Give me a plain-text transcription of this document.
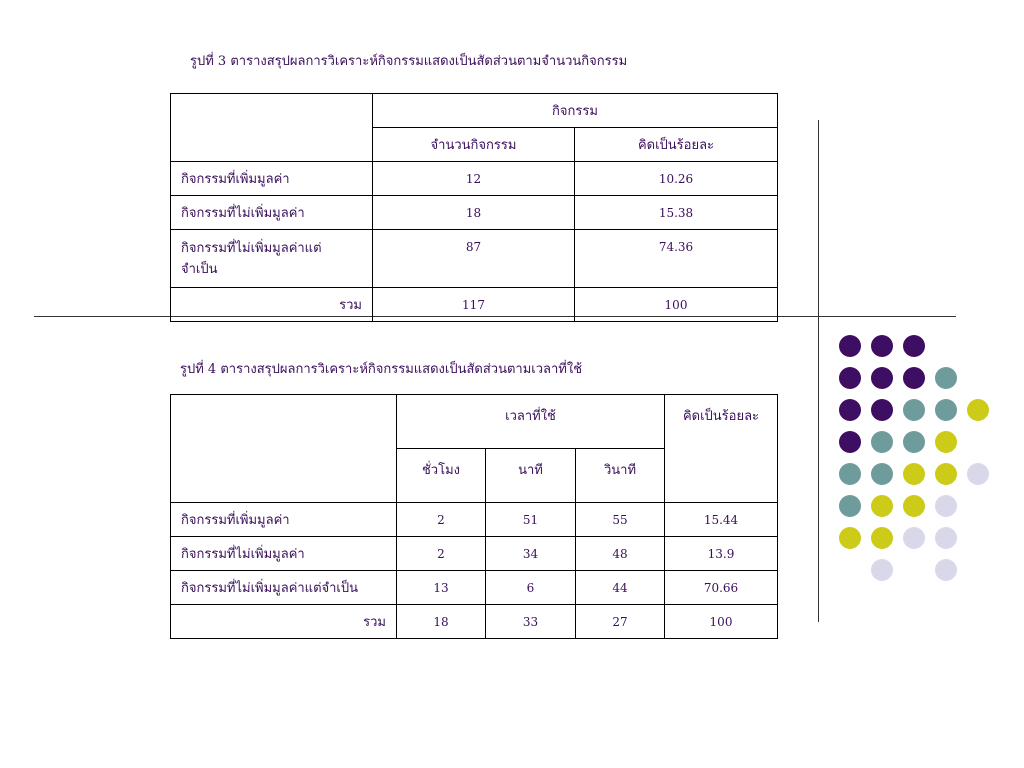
รูปที่ 3 ตารางสรุปผลการวิเคราะห์กิจกรรมแสดงเป็นสัดส่วนตามจำนวนกิจกรรม
	กิจกรรม	
	จำนวนกิจกรรม	คิดเป็นร้อยละ
กิจกรรมที่เพิ่มมูลค่า	12	10.26
กิจกรรมที่ไม่เพิ่มมูลค่า	18	15.38

กิจกรรมที่ไม่เพิ่มมูลค่าแต่ จำเป็น	87	74.36
รวม	117	100
รูปที่ 4 ตารางสรุปผลการวิเคราะห์กิจกรรมแสดงเป็นสัดส่วนตามเวลาที่ใช้
	เวลาที่ใช้			คิดเป็นร้อยละ
	ชั่วโมง	นาที	วินาที	
กิจกรรมที่เพิ่มมูลค่า	2	51	55	15.44
กิจกรรมที่ไม่เพิ่มมูลค่า	2	34	48	13.9
กิจกรรมที่ไม่เพิ่มมูลค่าแต่จำเป็น	13	6	44	70.66
รวม	18	33	27	100
